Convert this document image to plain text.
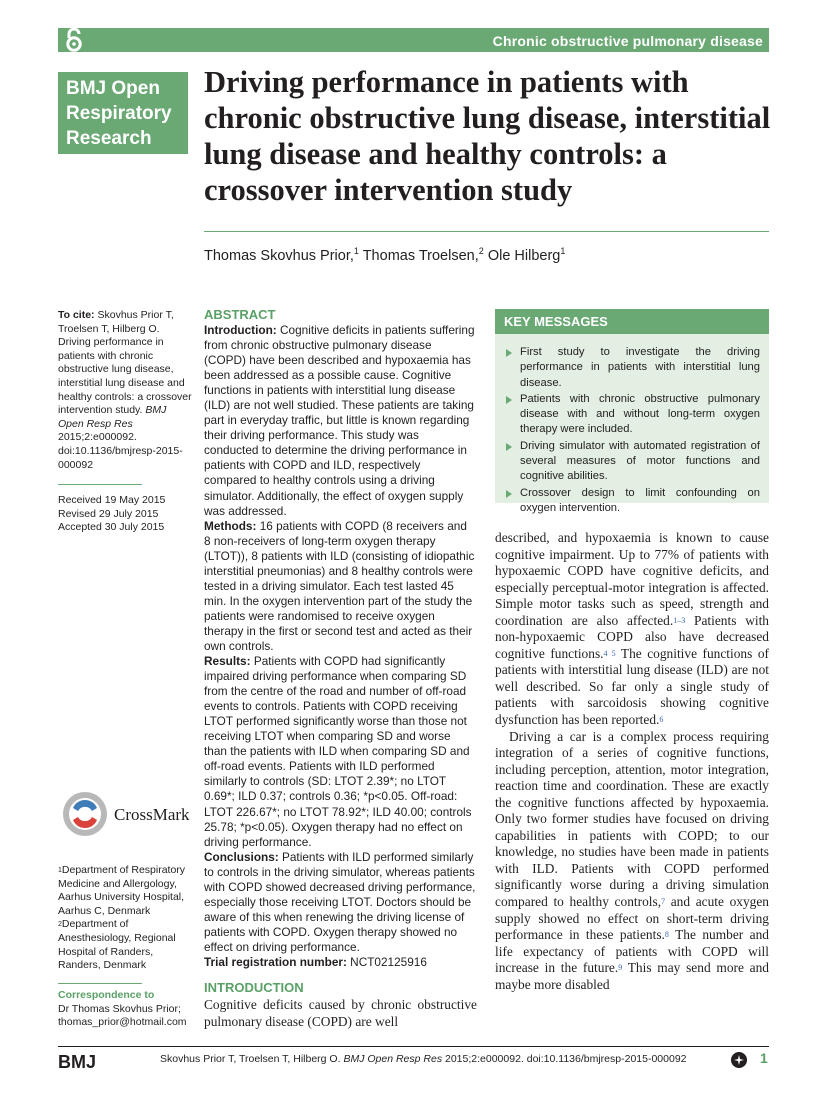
Chronic obstructive pulmonary disease
BMJ Open
Respiratory
Research
Driving performance in patients with chronic obstructive lung disease, interstitial lung disease and healthy controls: a crossover intervention study
Thomas Skovhus Prior,$^1$ Thomas Troelsen,$^2$ Ole Hilberg$^1$
To cite: Skovhus Prior T, Troelsen T, Hilberg O. Driving performance in patients with chronic obstructive lung disease, interstitial lung disease and healthy controls: a crossover intervention study. BMJ Open Resp Res 2015;2:e000092. doi:10.1136/bmjresp-2015-000092
Received 19 May 2015
Revised 29 July 2015
Accepted 30 July 2015
CrossMark
$^1$Department of Respiratory Medicine and Allergology, Aarhus University Hospital, Aarhus C, Denmark
$^2$Department of Anesthesiology, Regional Hospital of Randers, Randers, Denmark
Correspondence to
Dr Thomas Skovhus Prior;
thomas_prior@hotmail.com
ABSTRACT
Introduction: Cognitive deficits in patients suffering from chronic obstructive pulmonary disease (COPD) have been described and hypoxaemia has been addressed as a possible cause. Cognitive functions in patients with interstitial lung disease (ILD) are not well studied. These patients are taking part in everyday traffic, but little is known regarding their driving performance. This study was conducted to determine the driving performance in patients with COPD and ILD, respectively compared to healthy controls using a driving simulator. Additionally, the effect of oxygen supply was addressed.
Methods: 16 patients with COPD (8 receivers and 8 non-receivers of long-term oxygen therapy (LTOT)), 8 patients with ILD (consisting of idiopathic interstitial pneumonias) and 8 healthy controls were tested in a driving simulator. Each test lasted 45 min. In the oxygen intervention part of the study the patients were randomised to receive oxygen therapy in the first or second test and acted as their own controls.
Results: Patients with COPD had significantly impaired driving performance when comparing SD from the centre of the road and number of off-road events to controls. Patients with COPD receiving LTOT performed significantly worse than those not receiving LTOT when comparing SD and worse than the patients with ILD when comparing SD and off-road events. Patients with ILD performed similarly to controls (SD: LTOT 2.39*; no LTOT 0.69*; ILD 0.37; controls 0.36; *p<0.05. Off-road: LTOT 226.67*; no LTOT 78.92*; ILD 40.00; controls 25.78; *p<0.05). Oxygen therapy had no effect on driving performance.
Conclusions: Patients with ILD performed similarly to controls in the driving simulator, whereas patients with COPD showed decreased driving performance, especially those receiving LTOT. Doctors should be aware of this when renewing the driving license of patients with COPD. Oxygen therapy showed no effect on driving performance.
Trial registration number: NCT02125916
KEY MESSAGES
First study to investigate the driving performance in patients with interstitial lung disease.
Patients with chronic obstructive pulmonary disease with and without long-term oxygen therapy were included.
Driving simulator with automated registration of several measures of motor functions and cognitive abilities.
Crossover design to limit confounding on oxygen intervention.
INTRODUCTION
Cognitive deficits caused by chronic obstructive pulmonary disease (COPD) are well

described, and hypoxaemia is known to cause cognitive impairment. Up to 77% of patients with hypoxaemic COPD have cognitive deficits, and especially perceptual-motor integration is affected. Simple motor tasks such as speed, strength and coordination are also affected.$^{1-3}$ Patients with non-hypoxaemic COPD also have decreased cognitive functions.$^{4 5}$ The cognitive functions of patients with interstitial lung disease (ILD) are not well described. So far only a single study of patients with sarcoidosis showing cognitive dysfunction has been reported.$^6$

Driving a car is a complex process requiring integration of a series of cognitive functions, including perception, attention, motor integration, reaction time and coordination. These are exactly the cognitive functions affected by hypoxaemia. Only two former studies have focused on driving capabilities in patients with COPD; to our knowledge, no studies have been made in patients with ILD. Patients with COPD performed significantly worse during a driving simulation compared to healthy controls,$^7$ and acute oxygen supply showed no effect on short-term driving performance in these patients.$^8$ The number and life expectancy of patients with COPD will increase in the future.$^9$ This may send more and maybe more disabled

BMJ	Skovhus Prior T, Troelsen T, Hilberg O. BMJ Open Resp Res 2015;2:e000092. doi:10.1136/bmjresp-2015-000092	1
